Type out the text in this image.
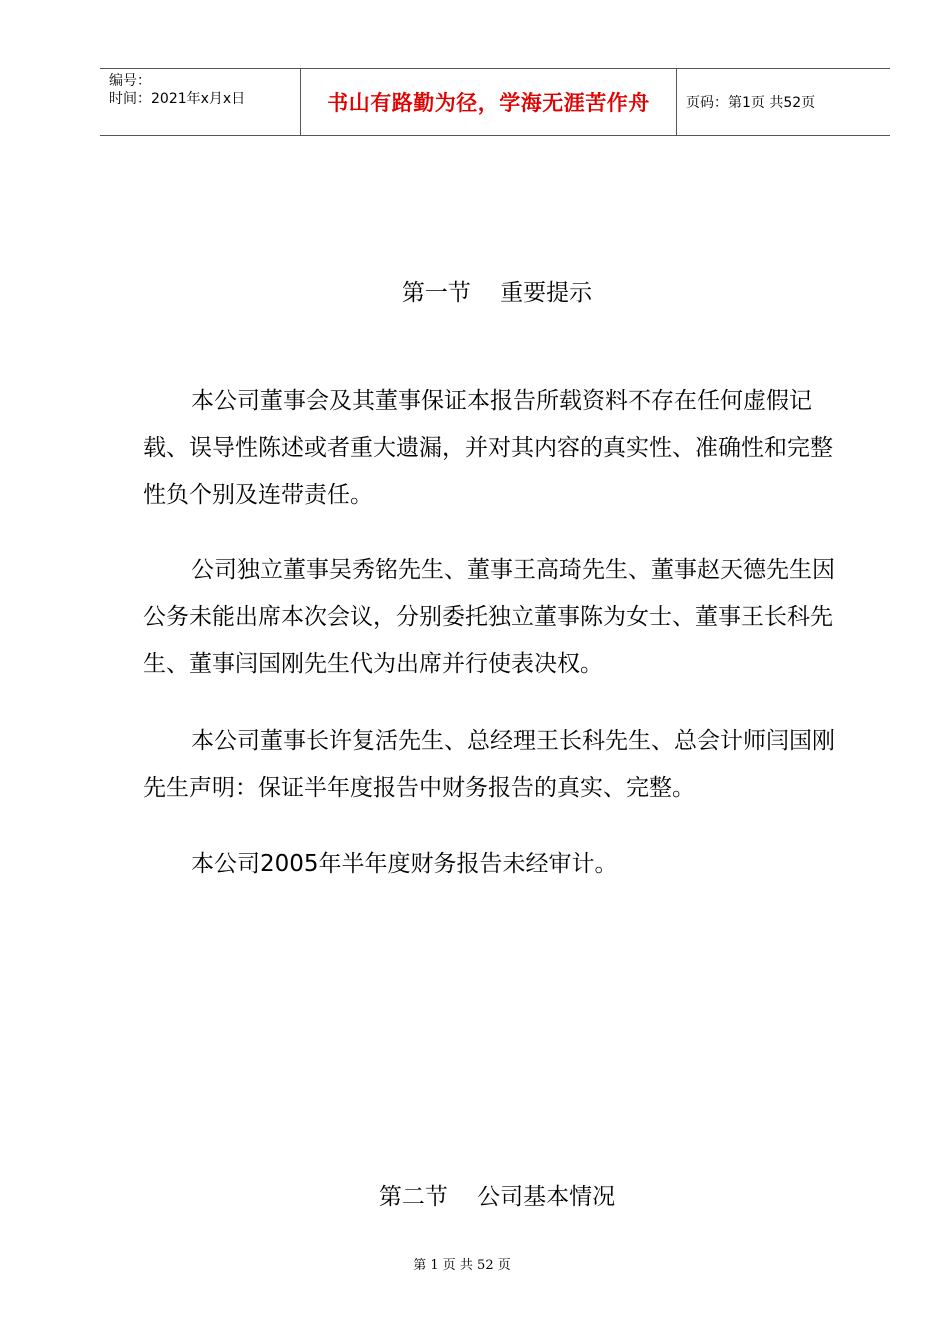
编号：
时间：2021年x月x日	书山有路勤为径，学海无涯苦作舟	页码：第1页 共52页
第一节    重要提示

本公司董事会及其董事保证本报告所载资料不存在任何虚假记载、误导性陈述或者重大遗漏，并对其内容的真实性、准确性和完整性负个别及连带责任。

公司独立董事吴秀铭先生、董事王高琦先生、董事赵天德先生因公务未能出席本次会议，分别委托独立董事陈为女士、董事王长科先生、董事闫国刚先生代为出席并行使表决权。

本公司董事长许复活先生、总经理王长科先生、总会计师闫国刚先生声明：保证半年度报告中财务报告的真实、完整。

本公司2005年半年度财务报告未经审计。

第二节    公司基本情况
第 1 页 共 52 页
